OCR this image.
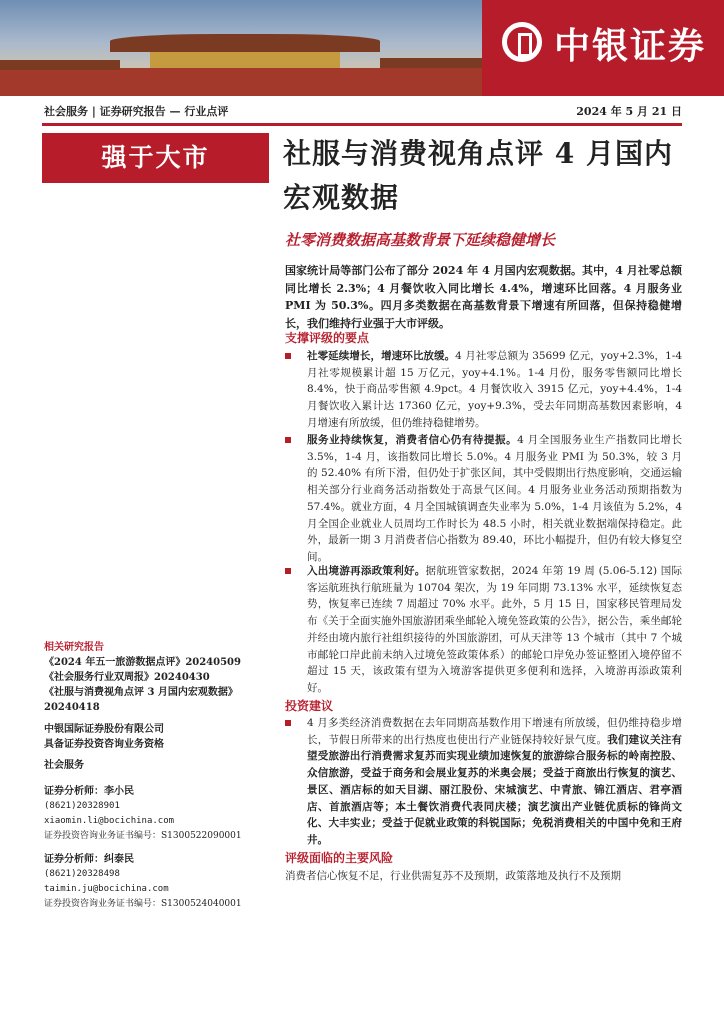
中银证券
社会服务 | 证券研究报告 — 行业点评	2024 年 5 月 21 日
强于大市	社服与消费视角点评 4 月国内宏观数据
社零消费数据高基数背景下延续稳健增长
国家统计局等部门公布了部分 2024 年 4 月国内宏观数据。其中，4 月社零总额同比增长 2.3%；4 月餐饮收入同比增长 4.4%，增速环比回落。4 月服务业 PMI 为 50.3%。四月多类数据在高基数背景下增速有所回落，但保持稳健增长，我们维持行业强于大市评级。
支撑评级的要点
社零延续增长，增速环比放缓。4 月社零总额为 35699 亿元，yoy+2.3%，1-4 月社零规模累计超 15 万亿元，yoy+4.1%。1-4 月份，服务零售额同比增长 8.4%，快于商品零售额 4.9pct。4 月餐饮收入 3915 亿元，yoy+4.4%，1-4 月餐饮收入累计达 17360 亿元，yoy+9.3%，受去年同期高基数因素影响，4 月增速有所放缓，但仍维持稳健增势。
服务业持续恢复，消费者信心仍有待提振。4 月全国服务业生产指数同比增长 3.5%，1-4 月，该指数同比增长 5.0%。4 月服务业 PMI 为 50.3%，较 3 月的 52.40% 有所下滑，但仍处于扩张区间，其中受假期出行热度影响，交通运输相关部分行业商务活动指数处于高景气区间。4 月服务业业务活动预期指数为 57.4%。就业方面，4 月全国城镇调查失业率为 5.0%，1-4 月该值为 5.2%，4 月全国企业就业人员周均工作时长为 48.5 小时，相关就业数据端保持稳定。此外，最新一期 3 月消费者信心指数为 89.40，环比小幅提升，但仍有较大修复空间。
入出境游再添政策利好。据航班管家数据，2024 年第 19 周 (5.06-5.12) 国际客运航班执行航班量为 10704 架次，为 19 年同期 73.13% 水平，延续恢复态势，恢复率已连续 7 周超过 70% 水平。此外，5 月 15 日，国家移民管理局发布《关于全面实施外国旅游团乘坐邮轮入境免签政策的公告》，据公告，乘坐邮轮并经由境内旅行社组织接待的外国旅游团，可从天津等 13 个城市（其中 7 个城市邮轮口岸此前未纳入过境免签政策体系）的邮轮口岸免办签证整团入境停留不超过 15 天，该政策有望为入境游客提供更多便利和选择，入境游再添政策利好。
投资建议
4 月多类经济消费数据在去年同期高基数作用下增速有所放缓，但仍维持稳步增长，节假日所带来的出行热度也使出行产业链保持较好景气度。我们建议关注有望受旅游出行消费需求复苏而实现业绩加速恢复的旅游综合服务标的岭南控股、众信旅游，受益于商务和会展业复苏的米奥会展；受益于商旅出行恢复的演艺、景区、酒店标的如天目湖、丽江股份、宋城演艺、中青旅、锦江酒店、君亭酒店、首旅酒店等；本土餐饮消费代表同庆楼；演艺演出产业链优质标的锋尚文化、大丰实业；受益于促就业政策的科锐国际；免税消费相关的中国中免和王府井。
评级面临的主要风险
消费者信心恢复不足，行业供需复苏不及预期，政策落地及执行不及预期
相关研究报告
《2024 年五一旅游数据点评》20240509
《社会服务行业双周报》20240430
《社服与消费视角点评 3 月国内宏观数据》20240418
中银国际证券股份有限公司
具备证券投资咨询业务资格
社会服务
证券分析师：李小民
(8621)20328901
xiaomin.li@bocichina.com
证券投资咨询业务证书编号：S1300522090001
证券分析师：纠泰民
(8621)20328498
taimin.ju@bocichina.com
证券投资咨询业务证书编号：S1300524040001
